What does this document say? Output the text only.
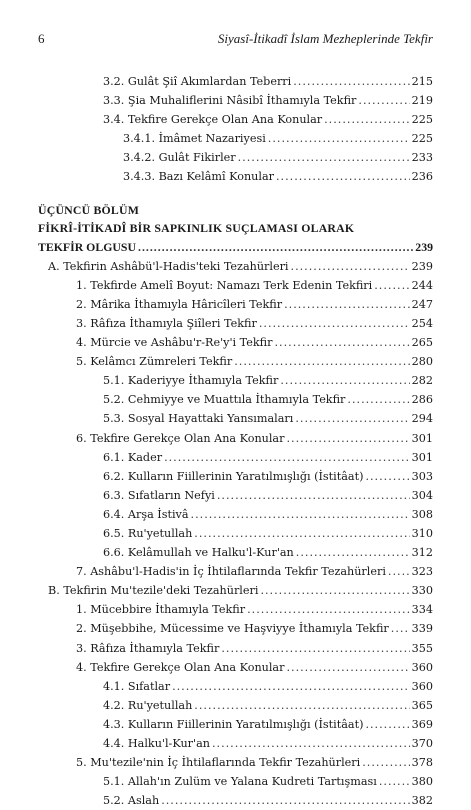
6	Siyasî-İtikadî İslam Mezheplerinde Tekfir
3.2. Gulât Şiî Akımlardan Teberri .....	215
3.3. Şia Muhaliflerini Nâsibî İthamıyla Tekfir .....	219
3.4. Tekfire Gerekçe Olan Ana Konular .....	225
3.4.1. İmâmet Nazariyesi .....	225
3.4.2. Gulât Fikirler .....	233
3.4.3. Bazı Kelâmî Konular .....	236
ÜÇÜNCÜ BÖLÜM
FİKRÎ-İTİKADÎ BİR SAPKINLIK SUÇLAMASI OLARAK
TEKFİR OLGUSU .....	239
A. Tekfirin Ashâbü'l-Hadis'teki Tezahürleri .....	239
1. Tekfirde Amelî Boyut: Namazı Terk Edenin Tekfiri .....	244
2. Mârika İthamıyla Hâricîleri Tekfir .....	247
3. Râfıza İthamıyla Şiîleri Tekfir .....	254
4. Mürcie ve Ashâbu'r-Re'y'i Tekfir .....	265
5. Kelâmcı Zümreleri Tekfir .....	280
5.1. Kaderiyye İthamıyla Tekfir .....	282
5.2. Cehmiyye ve Muattıla İthamıyla Tekfir .....	286
5.3. Sosyal Hayattaki Yansımaları .....	294
6. Tekfire Gerekçe Olan Ana Konular .....	301
6.1. Kader .....	301
6.2. Kulların Fiillerinin Yaratılmışlığı (İstitâat) .....	303
6.3. Sıfatların Nefyi .....	304
6.4. Arşa İstivâ .....	308
6.5. Ru'yetullah .....	310
6.6. Kelâmullah ve Halku'l-Kur'an .....	312
7. Ashâbu'l-Hadis'in İç İhtilaflarında Tekfir Tezahürleri ..... 323
B. Tekfirin Mu'tezile'deki Tezahürleri .....	330
1. Mücebbire İthamıyla Tekfir .....	334
2. Müşebbihe, Mücessime ve Haşviyye İthamıyla Tekfir ..... 339
3. Râfıza İthamıyla Tekfir .....	355
4. Tekfire Gerekçe Olan Ana Konular .....	360
4.1. Sıfatlar .....	360
4.2. Ru'yetullah .....	365
4.3. Kulların Fiillerinin Yaratılmışlığı (İstitâat) .....	369
4.4. Halku'l-Kur'an .....	370
5. Mu'tezile'nin İç İhtilaflarında Tekfir Tezahürleri .....	378
5.1. Allah'ın Zulüm ve Yalana Kudreti Tartışması .....	380
5.2. Aslah .....	382
